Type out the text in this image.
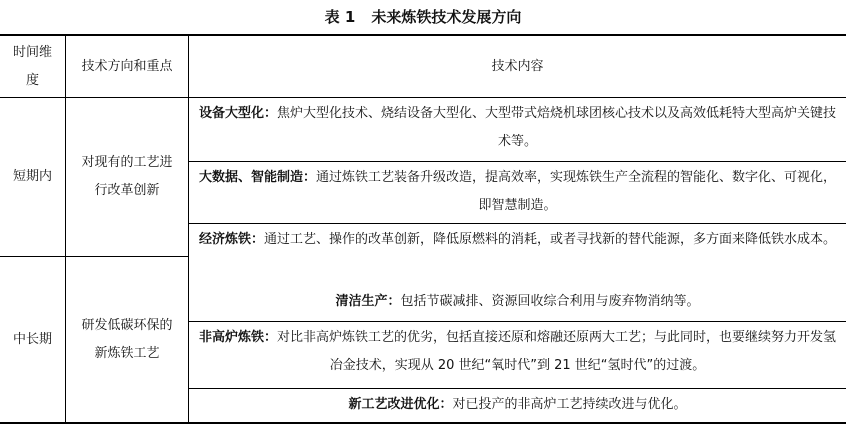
表 1 未来炼铁技术发展方向
时间维度
技术方向和重点	技术内容
短期内
对现有的工艺进行改革创新
中长期
研发低碳环保的新炼铁工艺
设备大型化：焦炉大型化技术、烧结设备大型化、大型带式焙烧机球团核心技术以及高效低耗特大型高炉关键技术等。
大数据、智能制造：通过炼铁工艺装备升级改造，提高效率，实现炼铁生产全流程的智能化、数字化、可视化，即智慧制造。
经济炼铁：通过工艺、操作的改革创新，降低原燃料的消耗，或者寻找新的替代能源，多方面来降低铁水成本。
清洁生产：包括节碳减排、资源回收综合利用与废弃物消纳等。
非高炉炼铁：对比非高炉炼铁工艺的优劣，包括直接还原和熔融还原两大工艺；与此同时，也要继续努力开发氢冶金技术，实现从 20 世纪“氧时代”到 21 世纪“氢时代”的过渡。
新工艺改进优化：对已投产的非高炉工艺持续改进与优化。
